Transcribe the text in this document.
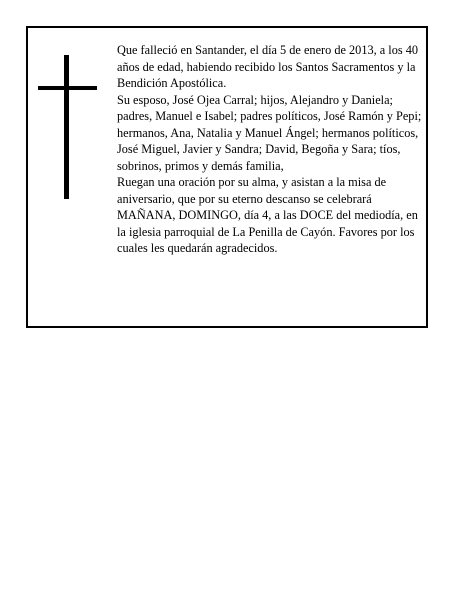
Que falleció en Santander, el día 5 de enero de 2013, a los 40 años de edad, habiendo recibido los Santos Sacramentos y la Bendición Apostólica.

Su esposo, José Ojea Carral; hijos, Alejandro y Daniela; padres, Manuel e Isabel; padres políticos, José Ramón y Pepi; hermanos, Ana, Natalia y Manuel Ángel; hermanos políticos, José Miguel, Javier y Sandra; David, Begoña y Sara; tíos, sobrinos, primos y demás familia,

Ruegan una oración por su alma, y asistan a la misa de aniversario, que por su eterno descanso se celebrará MAÑANA, DOMINGO, día 4, a las DOCE del mediodía, en la iglesia parroquial de La Penilla de Cayón. Favores por los cuales les quedarán agradecidos.
